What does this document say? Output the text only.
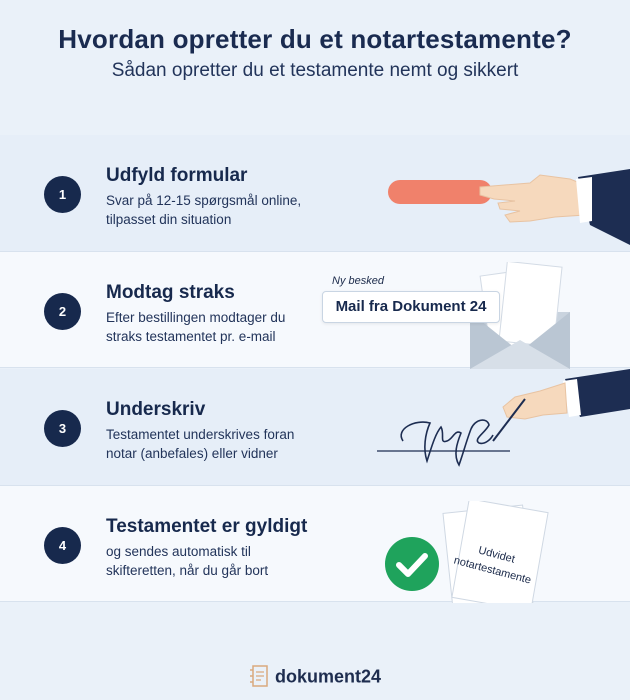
Hvordan opretter du et notartestamente?
Sådan opretter du et testamente nemt og sikkert
1
Udfyld formular
Svar på 12-15 spørgsmål online, tilpasset din situation
2
Modtag straks
Efter bestillingen modtager du straks testamentet pr. e-mail
Ny besked
Mail fra Dokument 24
3
Underskriv
Testamentet underskrives foran notar (anbefales) eller vidner
4
Testamentet er gyldigt
og sendes automatisk til skifteretten, når du går bort
Udvidet notartestamente
dokument24
